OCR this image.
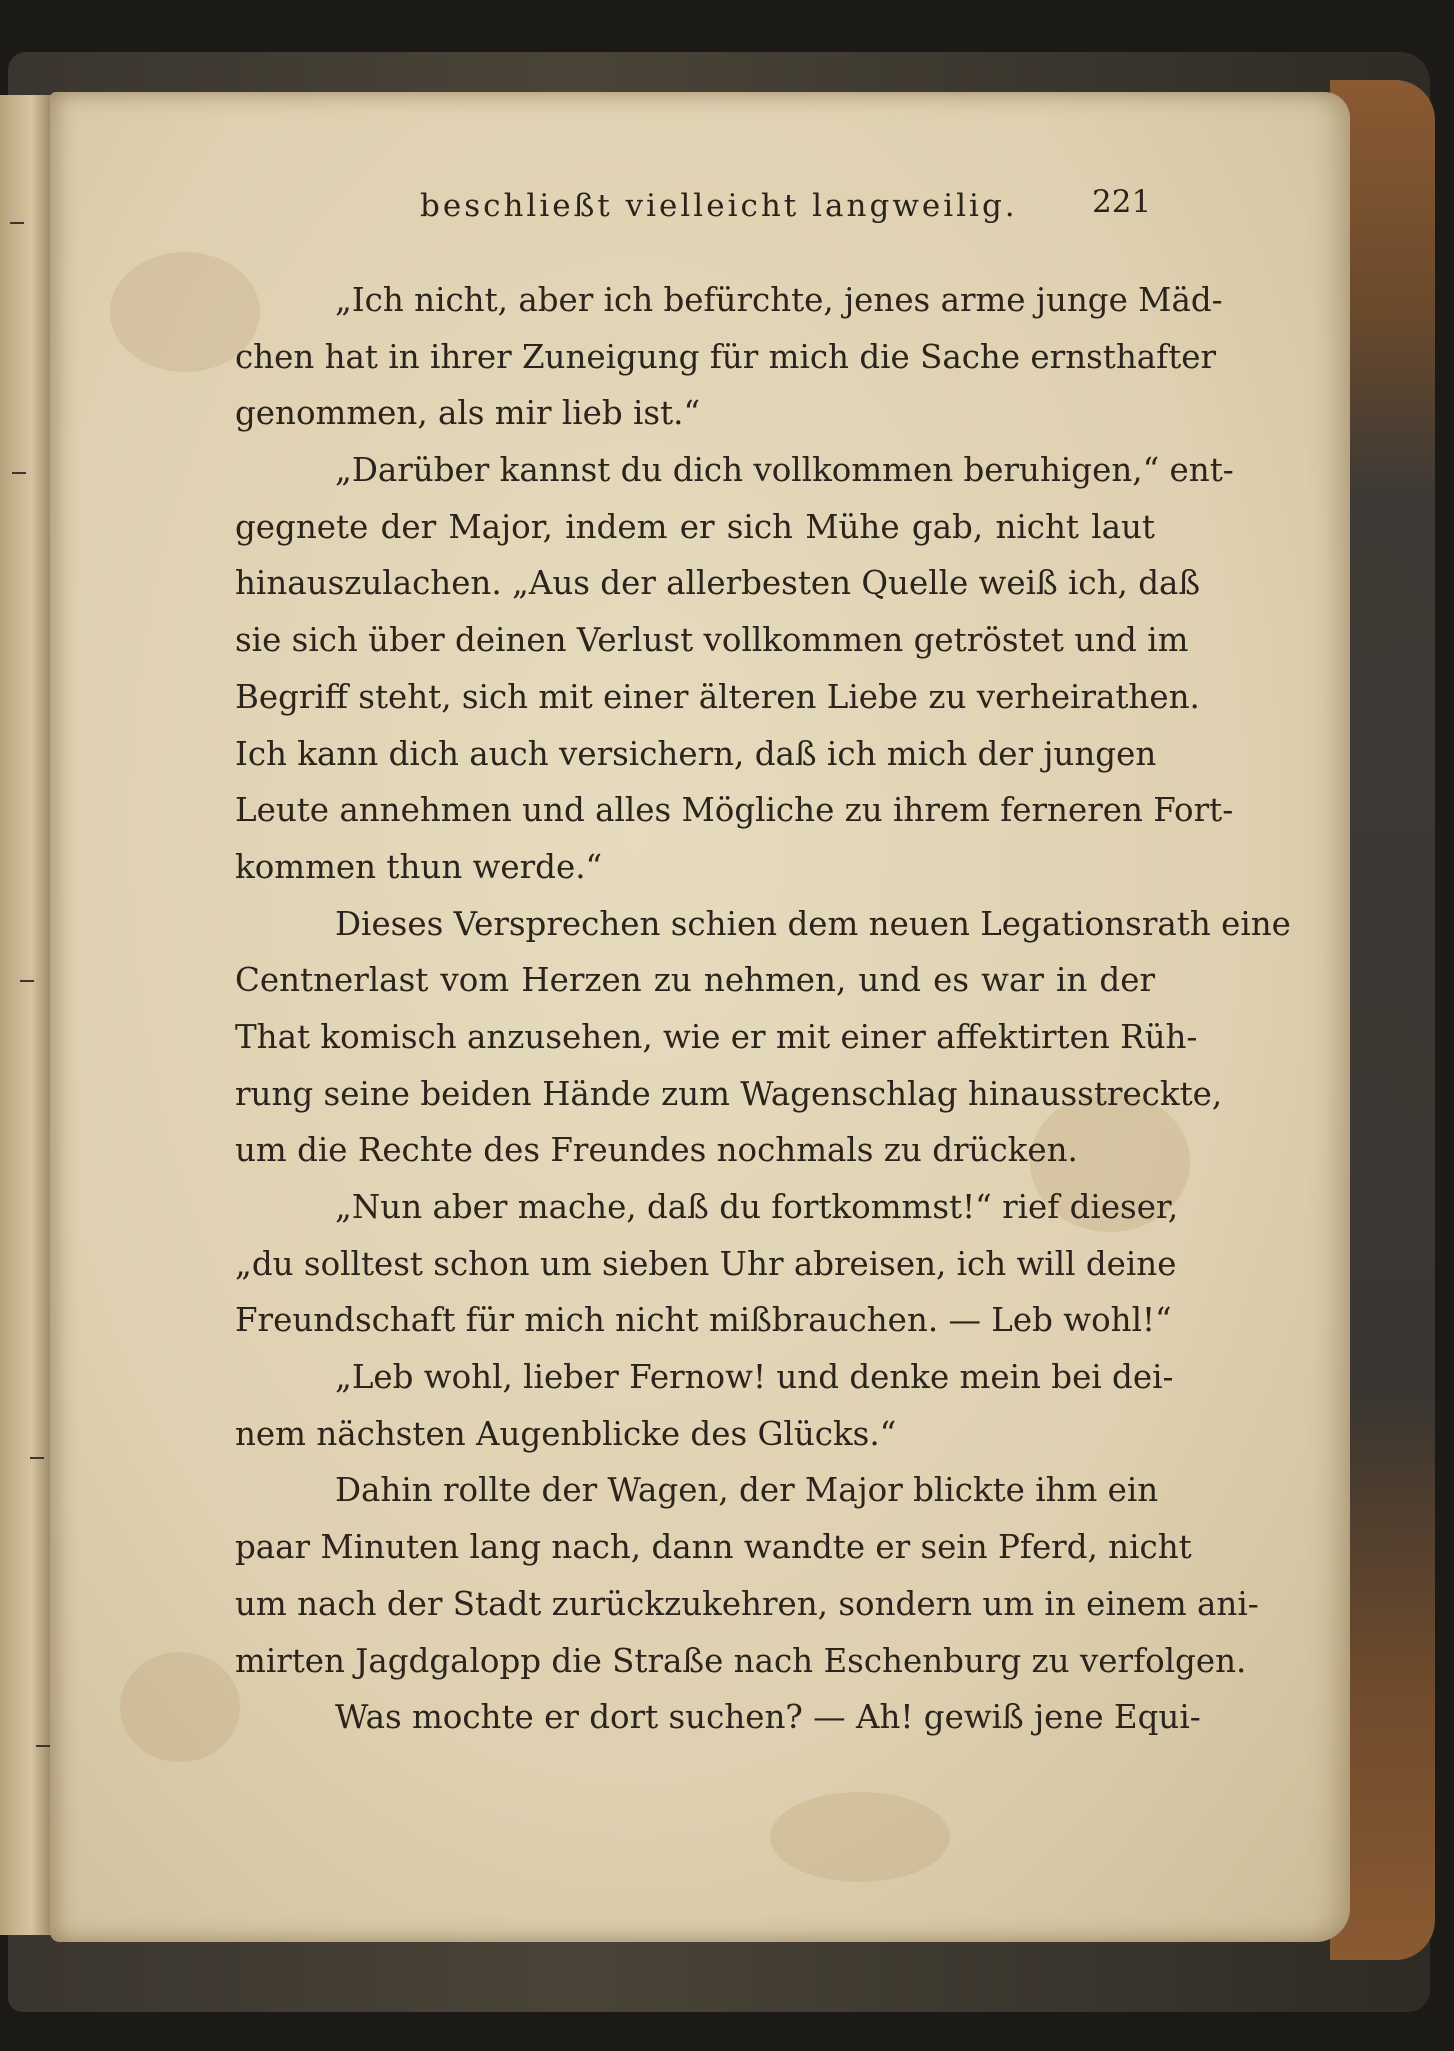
beschließt vielleicht langweilig. 221
„Ich nicht, aber ich befürchte, jenes arme junge Mäd-
chen hat in ihrer Zuneigung für mich die Sache ernsthafter
genommen, als mir lieb ist.“
„Darüber kannst du dich vollkommen beruhigen,“ ent-
gegnete der Major, indem er sich Mühe gab, nicht laut
hinauszulachen. „Aus der allerbesten Quelle weiß ich, daß
sie sich über deinen Verlust vollkommen getröstet und im
Begriff steht, sich mit einer älteren Liebe zu verheirathen.
Ich kann dich auch versichern, daß ich mich der jungen
Leute annehmen und alles Mögliche zu ihrem ferneren Fort-
kommen thun werde.“
Dieses Versprechen schien dem neuen Legationsrath eine
Centnerlast vom Herzen zu nehmen, und es war in der
That komisch anzusehen, wie er mit einer affektirten Rüh-
rung seine beiden Hände zum Wagenschlag hinausstreckte,
um die Rechte des Freundes nochmals zu drücken.
„Nun aber mache, daß du fortkommst!“ rief dieser,
„du solltest schon um sieben Uhr abreisen, ich will deine
Freundschaft für mich nicht mißbrauchen. — Leb wohl!“
„Leb wohl, lieber Fernow! und denke mein bei dei-
nem nächsten Augenblicke des Glücks.“
Dahin rollte der Wagen, der Major blickte ihm ein
paar Minuten lang nach, dann wandte er sein Pferd, nicht
um nach der Stadt zurückzukehren, sondern um in einem ani-
mirten Jagdgalopp die Straße nach Eschenburg zu verfolgen.
Was mochte er dort suchen? — Ah! gewiß jene Equi-
